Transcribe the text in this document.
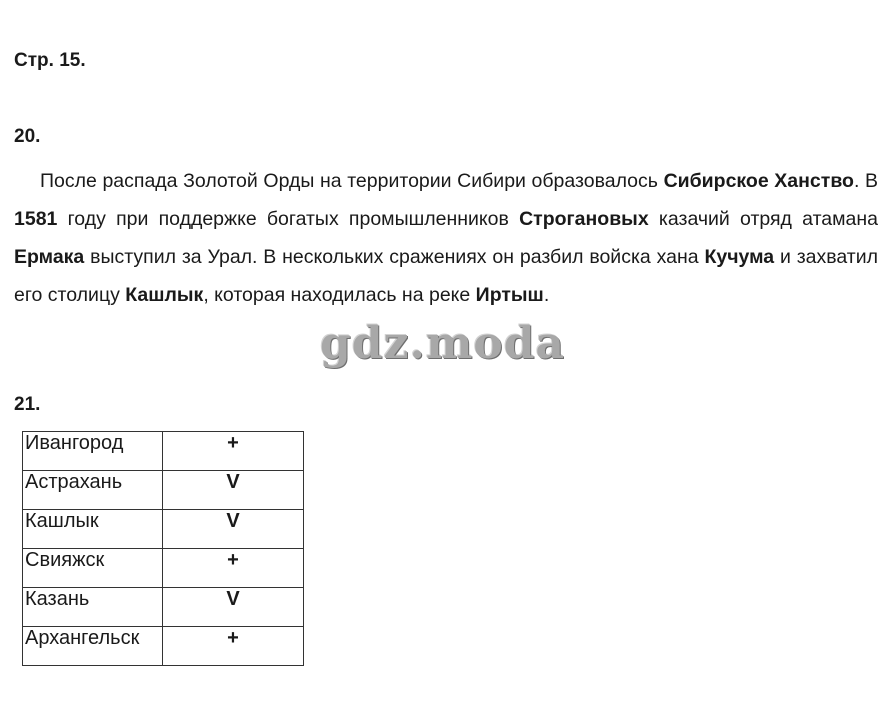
Стр. 15.
20.

После распада Золотой Орды на территории Сибири образовалось Сибирское Ханство. В 1581 году при поддержке богатых промышленников Строгановых казачий отряд атамана Ермака выступил за Урал. В нескольких сражениях он разбил войска хана Кучума и захватил его столицу Кашлык, которая находилась на реке Иртыш.

gdz.moda
21.
Ивангород	+
Астрахань	V
Кашлык	V
Свияжск	+
Казань	V
Архангельск	+
